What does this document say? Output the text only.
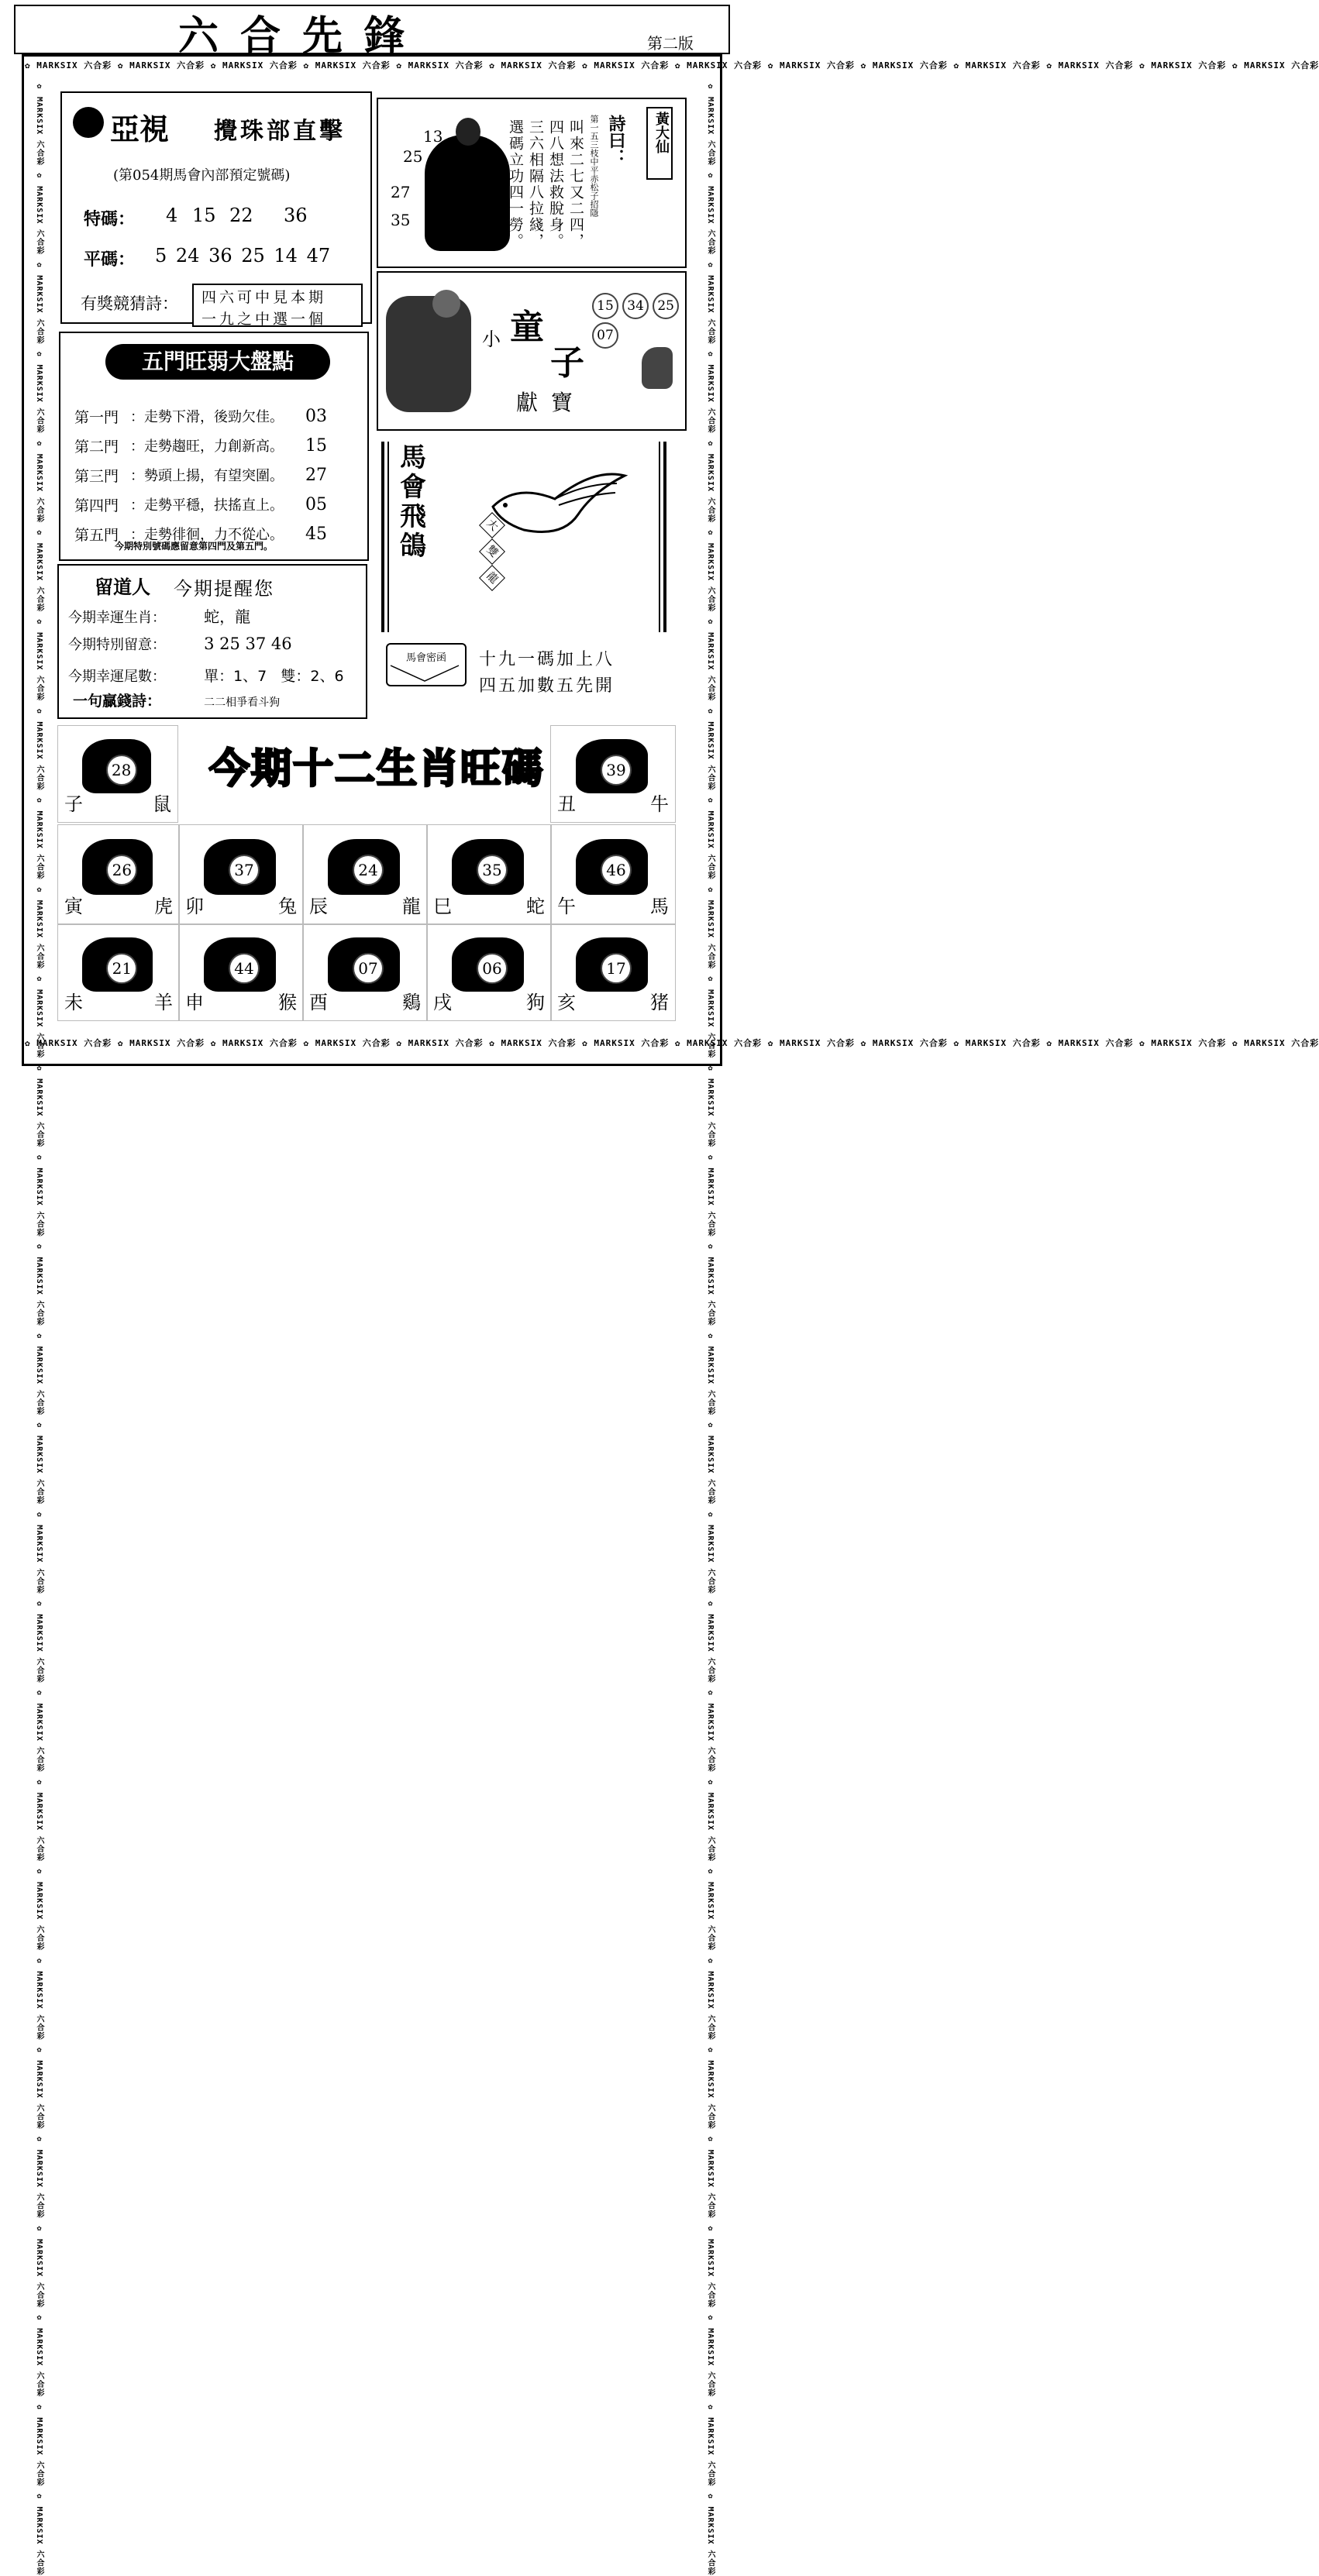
六合先鋒	第二版
✿ MARKSIX 六合彩 ✿ MARKSIX 六合彩 ✿ MARKSIX 六合彩 ✿ MARKSIX 六合彩 ✿ MARKSIX 六合彩 ✿ MARKSIX 六合彩 ✿ MARKSIX 六合彩 ✿ MARKSIX 六合彩 ✿ MARKSIX 六合彩 ✿ MARKSIX 六合彩 ✿ MARKSIX 六合彩 ✿ MARKSIX 六合彩 ✿ MARKSIX 六合彩 ✿ MARKSIX 六合彩
✿ MARKSIX 六合彩 ✿ MARKSIX 六合彩 ✿ MARKSIX 六合彩 ✿ MARKSIX 六合彩 ✿ MARKSIX 六合彩 ✿ MARKSIX 六合彩 ✿ MARKSIX 六合彩 ✿ MARKSIX 六合彩 ✿ MARKSIX 六合彩 ✿ MARKSIX 六合彩 ✿ MARKSIX 六合彩 ✿ MARKSIX 六合彩 ✿ MARKSIX 六合彩 ✿ MARKSIX 六合彩
✿ MARKSIX 六合彩 ✿ MARKSIX 六合彩 ✿ MARKSIX 六合彩 ✿ MARKSIX 六合彩 ✿ MARKSIX 六合彩 ✿ MARKSIX 六合彩 ✿ MARKSIX 六合彩 ✿ MARKSIX 六合彩 ✿ MARKSIX 六合彩 ✿ MARKSIX 六合彩 ✿ MARKSIX 六合彩 ✿ MARKSIX 六合彩 ✿ MARKSIX 六合彩 ✿ MARKSIX 六合彩 ✿ MARKSIX 六合彩 ✿ MARKSIX 六合彩 ✿ MARKSIX 六合彩 ✿ MARKSIX 六合彩 ✿ MARKSIX 六合彩 ✿ MARKSIX 六合彩 ✿ MARKSIX 六合彩 ✿ MARKSIX 六合彩 ✿ MARKSIX 六合彩 ✿ MARKSIX 六合彩 ✿ MARKSIX 六合彩 ✿ MARKSIX 六合彩 ✿ MARKSIX 六合彩 ✿ MARKSIX 六合彩	✿ MARKSIX 六合彩 ✿ MARKSIX 六合彩 ✿ MARKSIX 六合彩 ✿ MARKSIX 六合彩 ✿ MARKSIX 六合彩 ✿ MARKSIX 六合彩 ✿ MARKSIX 六合彩 ✿ MARKSIX 六合彩 ✿ MARKSIX 六合彩 ✿ MARKSIX 六合彩 ✿ MARKSIX 六合彩 ✿ MARKSIX 六合彩 ✿ MARKSIX 六合彩 ✿ MARKSIX 六合彩 ✿ MARKSIX 六合彩 ✿ MARKSIX 六合彩 ✿ MARKSIX 六合彩 ✿ MARKSIX 六合彩 ✿ MARKSIX 六合彩 ✿ MARKSIX 六合彩 ✿ MARKSIX 六合彩 ✿ MARKSIX 六合彩 ✿ MARKSIX 六合彩 ✿ MARKSIX 六合彩 ✿ MARKSIX 六合彩 ✿ MARKSIX 六合彩 ✿ MARKSIX 六合彩 ✿ MARKSIX 六合彩
亞視 攪珠部直擊
(第054期馬會內部預定號碼)
特碼： 4 15 22 36
平碼： 5 24 36 25 14 47
有獎競猜詩：	四六可中見本期
一九之中選一個
13
25
27
35	選碼立功四一勞。 三六相隔八拉綫， 四八想法救脫身。 叫來二七又二四， 第一五三枝中平赤松子招隱 詩曰：	黃大仙
小 童
子
獻 寶
15 34 25 07
五門旺弱大盤點
第一門 ：走勢下滑，後勁欠佳。	03
第二門 ：走勢趨旺，力創新高。	15
第三門 ：勢頭上揚，有望突圍。	27
第四門 ：走勢平穩，扶搖直上。	05
第五門 ：走勢徘徊，力不從心。	45
今期特別號碼應留意第四門及第五門。
馬
會
飛
鴿
大
雙
龍
馬會密函	十九一碼加上八
四五加數五先開
留道人 今期提醒您
今期幸運生肖： 蛇，龍
今期特別留意： 3 25 37 46
今期幸運尾數：	單：1、7   雙：2、6
一句贏錢詩：	二二相爭看斗狗
今期十二生肖旺碼
28
子	鼠
39
丑	牛
26
寅	虎
37
卯	兔
24
辰	龍
35
巳	蛇
46
午	馬
21
未	羊
44
申	猴
07
酉	鷄
06
戌	狗
17
亥	猪
